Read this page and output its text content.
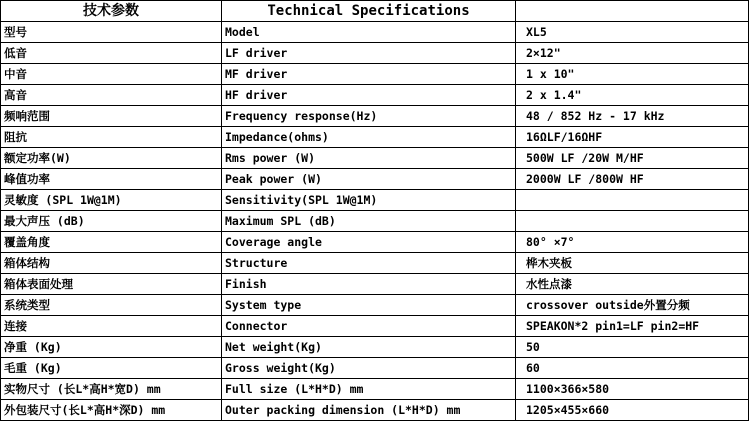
技术参数	Technical Specifications	
型号	Model	XL5
低音	LF driver	2×12"
中音	MF driver	1 x 10"
高音	HF driver	2 x 1.4"
频响范围	Frequency response(Hz)	48 / 852 Hz - 17 kHz
阻抗	Impedance(ohms)	16ΩLF/16ΩHF
额定功率(W)	Rms power (W)	500W LF /20W M/HF
峰值功率	Peak power (W)	2000W LF /800W HF
灵敏度 (SPL 1W@1M)	Sensitivity(SPL 1W@1M)	
最大声压 (dB)	Maximum SPL (dB)	
覆盖角度	Coverage angle	80° ×7°
箱体结构	Structure	桦木夹板
箱体表面处理	Finish	水性点漆
系统类型	System type	crossover outside外置分频
连接	Connector	SPEAKON*2 pin1=LF pin2=HF
净重 (Kg)	Net weight(Kg)	50
毛重 (Kg)	Gross weight(Kg)	60
实物尺寸 (长L*高H*宽D) mm	Full size (L*H*D) mm	1100×366×580
外包装尺寸(长L*高H*深D) mm	Outer packing dimension (L*H*D) mm	1205×455×660
